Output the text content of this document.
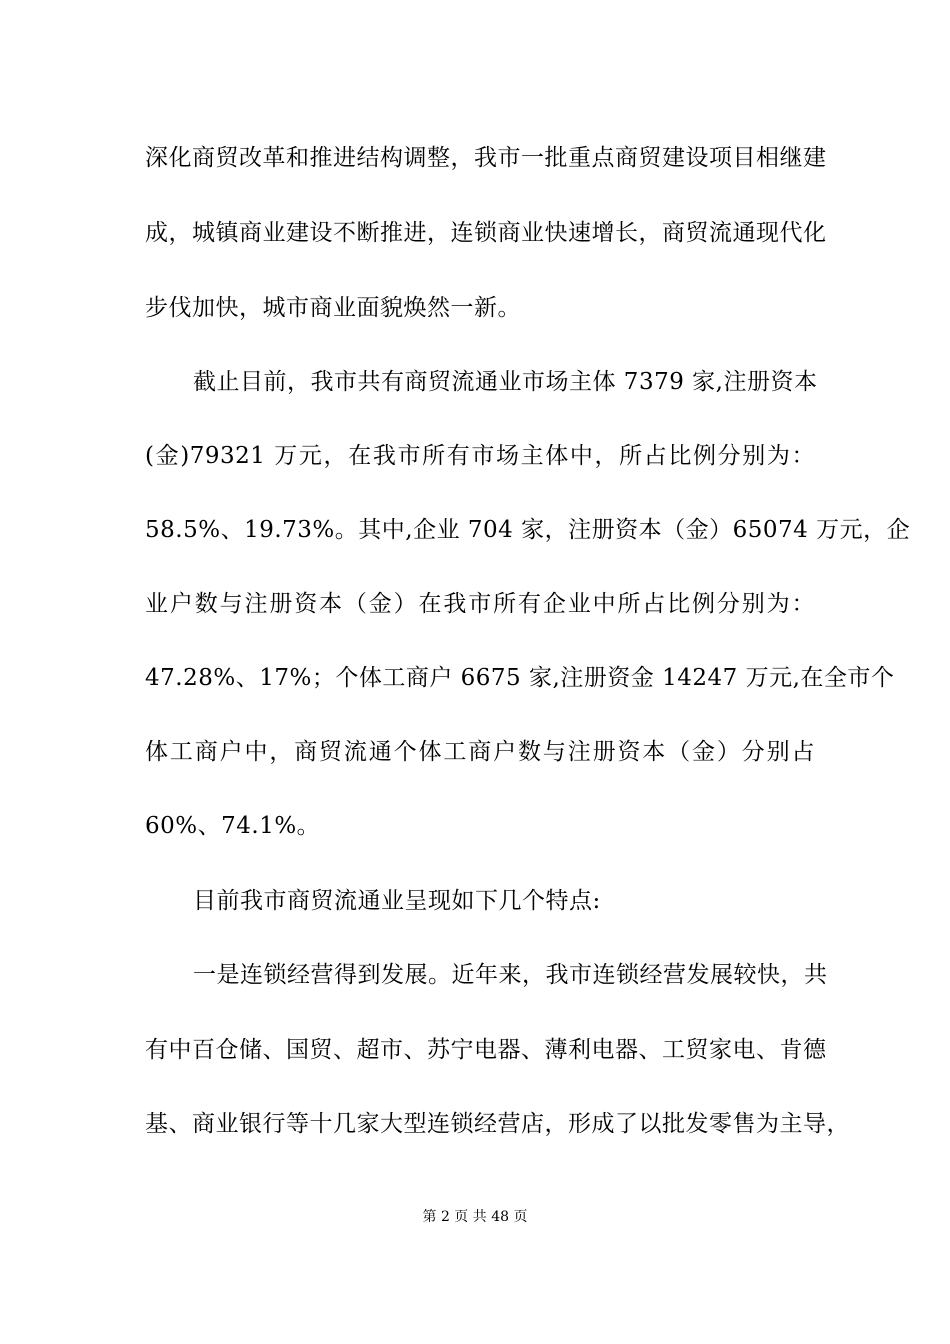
深化商贸改革和推进结构调整，我市一批重点商贸建设项目相继建
成，城镇商业建设不断推进，连锁商业快速增长，商贸流通现代化
步伐加快，城市商业面貌焕然一新。
截止目前，我市共有商贸流通业市场主体 7379 家,注册资本
(金)79321 万元，在我市所有市场主体中，所占比例分别为：
58.5%、19.73%。其中,企业 704 家，注册资本（金）65074 万元，企
业户数与注册资本（金）在我市所有企业中所占比例分别为：
47.28%、17%；个体工商户 6675 家,注册资金 14247 万元,在全市个
体工商户中，商贸流通个体工商户数与注册资本（金）分别占
60%、74.1%。
目前我市商贸流通业呈现如下几个特点:
一是连锁经营得到发展。近年来，我市连锁经营发展较快，共
有中百仓储、国贸、超市、苏宁电器、薄利电器、工贸家电、肯德
基、商业银行等十几家大型连锁经营店，形成了以批发零售为主导，
第 2 页 共 48 页
